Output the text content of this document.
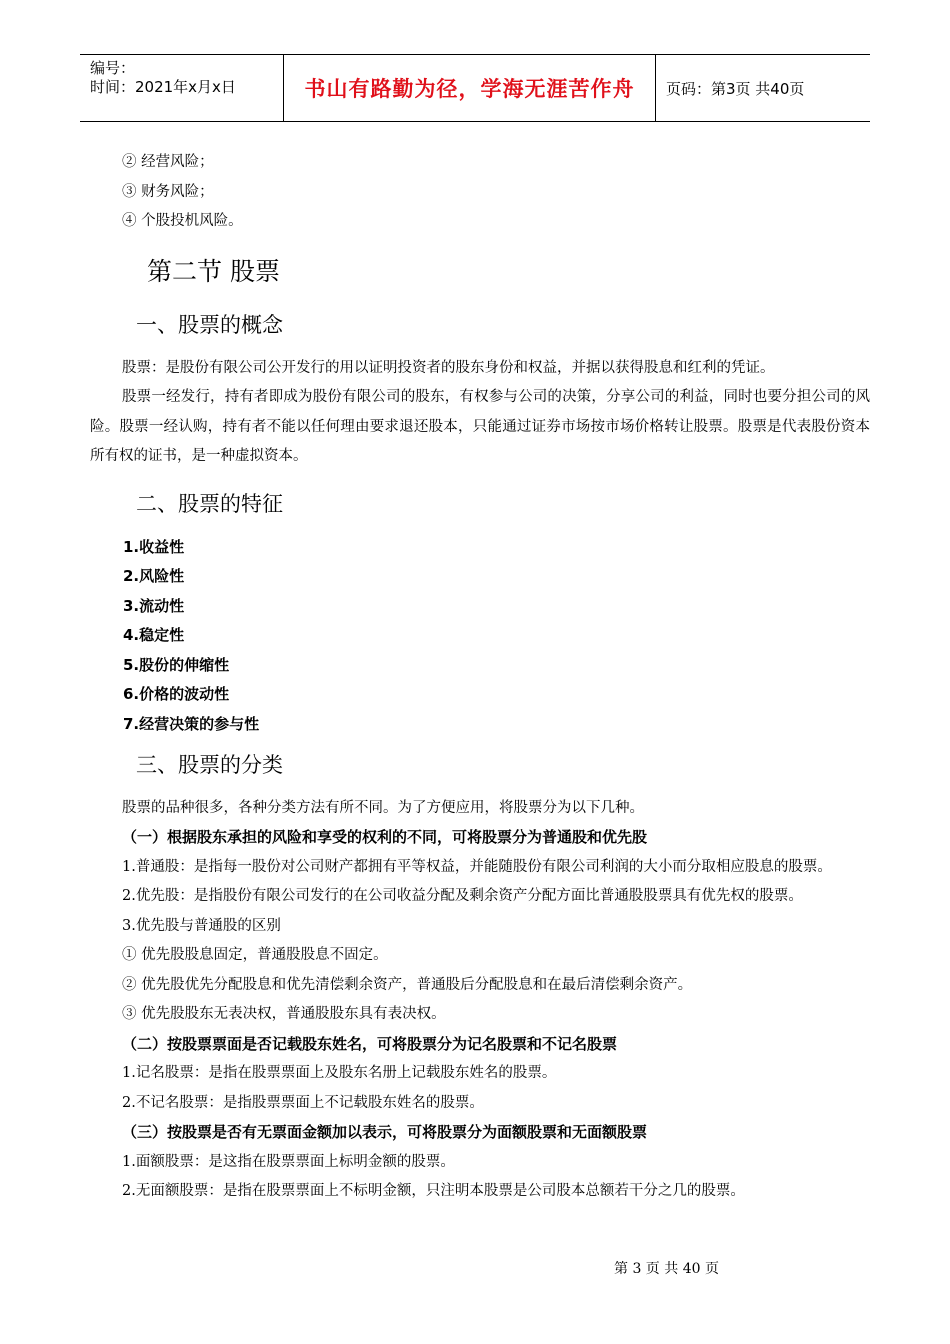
编号：
时间：2021年x月x日	书山有路勤为径，学海无涯苦作舟	页码：第3页 共40页
② 经营风险；
③ 财务风险；
④ 个股投机风险。
第二节 股票
一、股票的概念
股票：是股份有限公司公开发行的用以证明投资者的股东身份和权益，并据以获得股息和红利的凭证。
股票一经发行，持有者即成为股份有限公司的股东，有权参与公司的决策，分享公司的利益，同时也要分担公司的风险。股票一经认购，持有者不能以任何理由要求退还股本，只能通过证券市场按市场价格转让股票。股票是代表股份资本所有权的证书，是一种虚拟资本。
二、股票的特征
1.收益性
2.风险性
3.流动性
4.稳定性
5.股份的伸缩性
6.价格的波动性
7.经营决策的参与性
三、股票的分类
股票的品种很多，各种分类方法有所不同。为了方便应用，将股票分为以下几种。
（一）根据股东承担的风险和享受的权利的不同，可将股票分为普通股和优先股
1.普通股：是指每一股份对公司财产都拥有平等权益，并能随股份有限公司利润的大小而分取相应股息的股票。
2.优先股：是指股份有限公司发行的在公司收益分配及剩余资产分配方面比普通股股票具有优先权的股票。
3.优先股与普通股的区别
① 优先股股息固定，普通股股息不固定。
② 优先股优先分配股息和优先清偿剩余资产，普通股后分配股息和在最后清偿剩余资产。
③ 优先股股东无表决权，普通股股东具有表决权。
（二）按股票票面是否记载股东姓名，可将股票分为记名股票和不记名股票
1.记名股票：是指在股票票面上及股东名册上记载股东姓名的股票。
2.不记名股票：是指股票票面上不记载股东姓名的股票。
（三）按股票是否有无票面金额加以表示，可将股票分为面额股票和无面额股票
1.面额股票：是这指在股票票面上标明金额的股票。
2.无面额股票：是指在股票票面上不标明金额，只注明本股票是公司股本总额若干分之几的股票。
第 3 页 共 40 页
